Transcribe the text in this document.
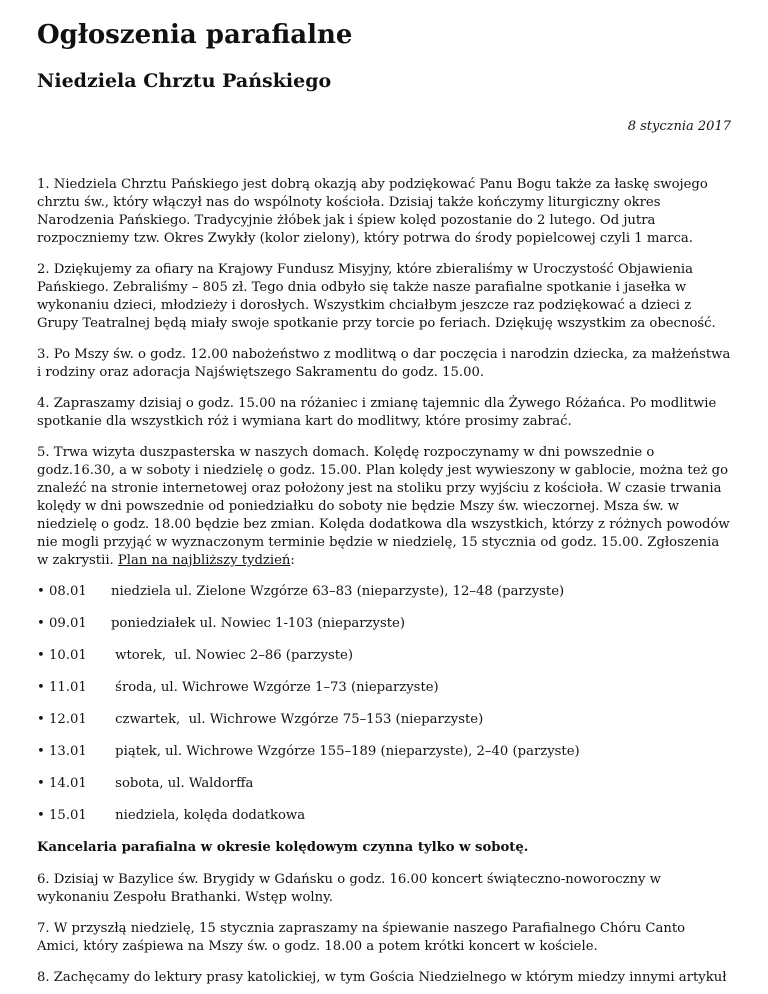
Ogłoszenia parafialne
Niedziela Chrztu Pańskiego
8 stycznia 2017

1. Niedziela Chrztu Pańskiego jest dobrą okazją aby podziękować Panu Bogu także za łaskę swojego chrztu św., który włączył nas do wspólnoty kościoła. Dzisiaj także kończymy liturgiczny okres Narodzenia Pańskiego. Tradycyjnie żłóbek jak i śpiew kolęd pozostanie do 2 lutego. Od jutra rozpoczniemy tzw. Okres Zwykły (kolor zielony), który potrwa do środy popielcowej czyli 1 marca.

2. Dziękujemy za ofiary na Krajowy Fundusz Misyjny, które zbieraliśmy w Uroczystość Objawienia Pańskiego. Zebraliśmy – 805 zł. Tego dnia odbyło się także nasze parafialne spotkanie i jasełka w wykonaniu dzieci, młodzieży i dorosłych. Wszystkim chciałbym jeszcze raz podziękować a dzieci z Grupy Teatralnej będą miały swoje spotkanie przy torcie po feriach. Dziękuję wszystkim za obecność.

3. Po Mszy św. o godz. 12.00 nabożeństwo z modlitwą o dar poczęcia i narodzin dziecka, za małżeństwa i rodziny oraz adoracja Najświętszego Sakramentu do godz. 15.00.

4. Zapraszamy dzisiaj o godz. 15.00 na różaniec i zmianę tajemnic dla Żywego Różańca. Po modlitwie spotkanie dla wszystkich róż i wymiana kart do modlitwy, które prosimy zabrać.

5. Trwa wizyta duszpasterska w naszych domach. Kolędę rozpoczynamy w dni powszednie o godz.16.30, a w soboty i niedzielę o godz. 15.00. Plan kolędy jest wywieszony w gablocie, można też go znaleźć na stronie internetowej oraz położony jest na stoliku przy wyjściu z kościoła. W czasie trwania kolędy w dni powszednie od poniedziałku do soboty nie będzie Mszy św. wieczornej. Msza św. w niedzielę o godz. 18.00 będzie bez zmian. Kolęda dodatkowa dla wszystkich, którzy z różnych powodów nie mogli przyjąć w wyznaczonym terminie będzie w niedzielę, 15 stycznia od godz. 15.00. Zgłoszenia w zakrystii. Plan na najbliższy tydzień:

• 08.01 niedziela ul. Zielone Wzgórze 63–83 (nieparzyste), 12–48 (parzyste)
• 09.01 poniedziałek ul. Nowiec 1-103 (nieparzyste)
• 10.01 wtorek,  ul. Nowiec 2–86 (parzyste)
• 11.01 środa, ul. Wichrowe Wzgórze 1–73 (nieparzyste)
• 12.01 czwartek,  ul. Wichrowe Wzgórze 75–153 (nieparzyste)
• 13.01 piątek, ul. Wichrowe Wzgórze 155–189 (nieparzyste), 2–40 (parzyste)
• 14.01 sobota, ul. Waldorffa
• 15.01 niedziela, kolęda dodatkowa

Kancelaria parafialna w okresie kolędowym czynna tylko w sobotę.

6. Dzisiaj w Bazylice św. Brygidy w Gdańsku o godz. 16.00 koncert świąteczno-noworoczny w wykonaniu Zespołu Brathanki. Wstęp wolny.

7. W przyszłą niedzielę, 15 stycznia zapraszamy na śpiewanie naszego Parafialnego Chóru Canto Amici, który zaśpiewa na Mszy św. o godz. 18.00 a potem krótki koncert w kościele.

8. Zachęcamy do lektury prasy katolickiej, w tym Gościa Niedzielnego w którym miedzy innymi artykuł
